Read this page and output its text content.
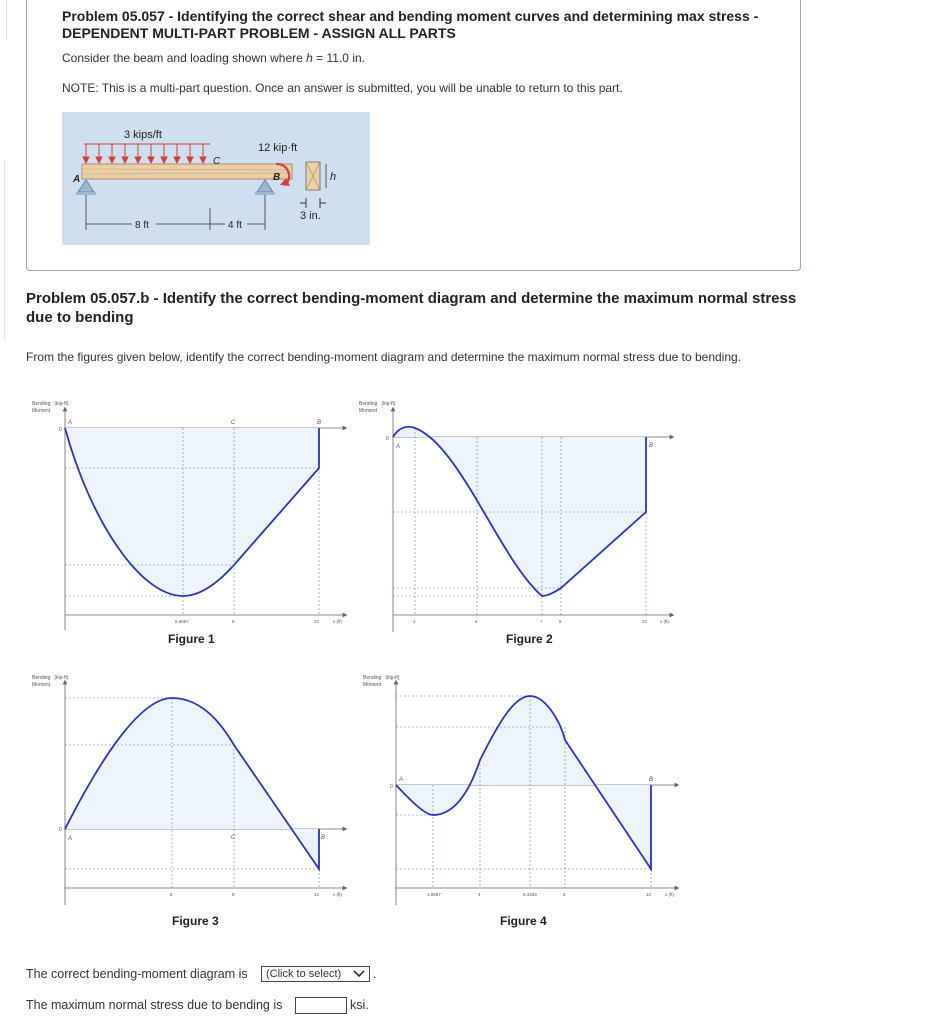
Problem 05.057 - Identifying the correct shear and bending moment curves and determining max stress -
DEPENDENT MULTI-PART PROBLEM - ASSIGN ALL PARTS
Consider the beam and loading shown where h = 11.0 in.
NOTE: This is a multi-part question. Once an answer is submitted, you will be unable to return to this part.
3 kips/ft
A
C
B
12 kip·ft
h
3 in.
8 ft	4 ft
Problem 05.057.b - Identify the correct bending-moment diagram and determine the maximum normal stress due to bending
From the figures given below, identify the correct bending-moment diagram and determine the maximum normal stress due to bending.
Bending (kip-ft)
Moment
0
A	C	B
5.6667	8	12	x (ft)
Figure 1
Bending (kip-ft)
Moment
0
A	B
1	4	7	8	12	x (ft)
Figure 2
Bending (kip-ft)
Moment
0
A	C	B
5	8	12	x (ft)
Figure 3
Bending (kip-ft)
Moment
0
A	B
1.6667	4	6.3333	8	12	x (ft)
Figure 4
The correct bending-moment diagram is (Click to select)	.
The maximum normal stress due to bending is	ksi.
